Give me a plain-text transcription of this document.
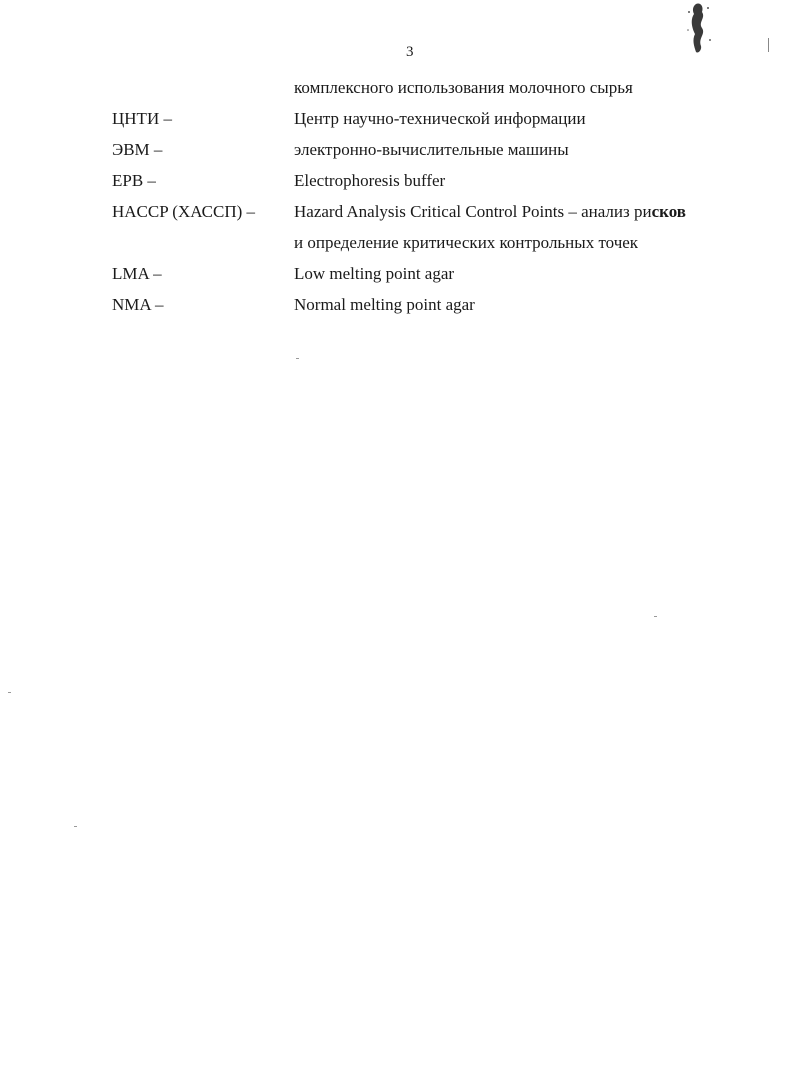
3
комплексного использования молочного сырья
ЦНТИ –	Центр научно-технической информации
ЭВМ –	электронно-вычислительные машины
EPB –	Electrophoresis buffer
HACCP (ХАССП) –	Hazard Analysis Critical Control Points – анализ рисков
и определение критических контрольных точек
LMA –	Low melting point agar
NMA –	Normal melting point agar
